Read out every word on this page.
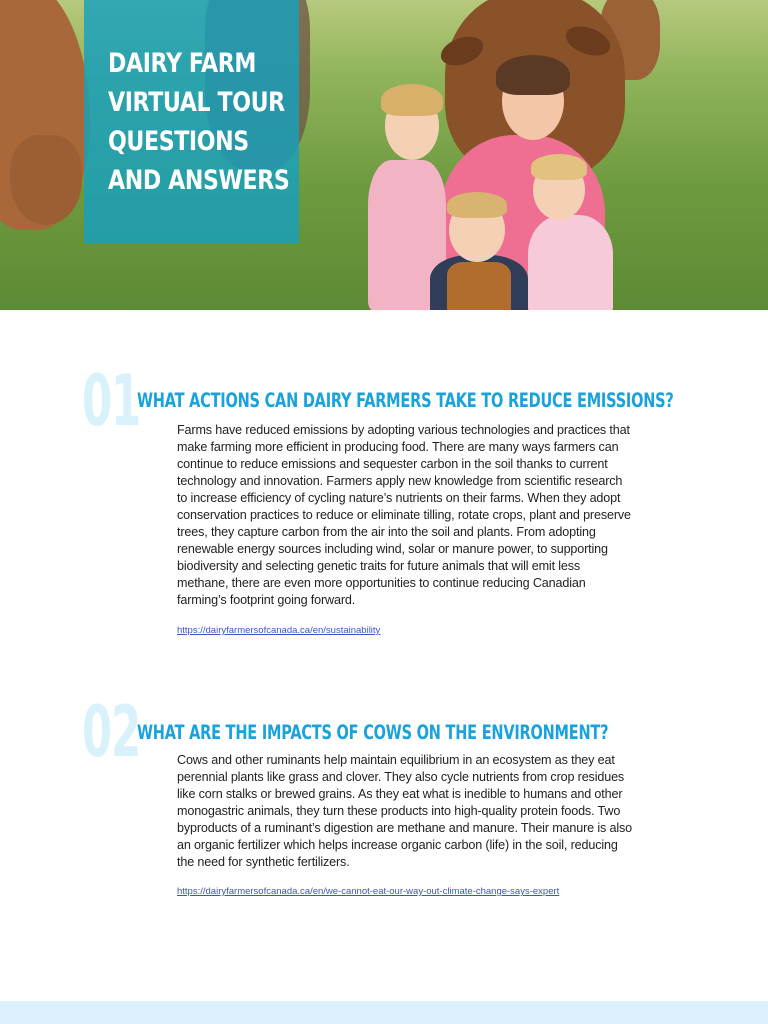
DAIRY FARM
VIRTUAL TOUR
QUESTIONS
AND ANSWERS
01
WHAT ACTIONS CAN DAIRY FARMERS TAKE TO REDUCE EMISSIONS?

Farms have reduced emissions by adopting various technologies and practices that make farming more efficient in producing food. There are many ways farmers can continue to reduce emissions and sequester carbon in the soil thanks to current technology and innovation. Farmers apply new knowledge from scientific research to increase efficiency of cycling nature’s nutrients on their farms. When they adopt conservation practices to reduce or eliminate tilling, rotate crops, plant and preserve trees, they capture carbon from the air into the soil and plants. From adopting renewable energy sources including wind, solar or manure power, to supporting biodiversity and selecting genetic traits for future animals that will emit less methane, there are even more opportunities to continue reducing Canadian farming’s footprint going forward.

https://dairyfarmersofcanada.ca/en/sustainability
02
WHAT ARE THE IMPACTS OF COWS ON THE ENVIRONMENT?

Cows and other ruminants help maintain equilibrium in an ecosystem as they eat perennial plants like grass and clover. They also cycle nutrients from crop residues like corn stalks or brewed grains. As they eat what is inedible to humans and other monogastric animals, they turn these products into high-quality protein foods. Two byproducts of a ruminant’s digestion are methane and manure. Their manure is also an organic fertilizer which helps increase organic carbon (life) in the soil, reducing the need for synthetic fertilizers.

https://dairyfarmersofcanada.ca/en/we-cannot-eat-our-way-out-climate-change-says-expert
